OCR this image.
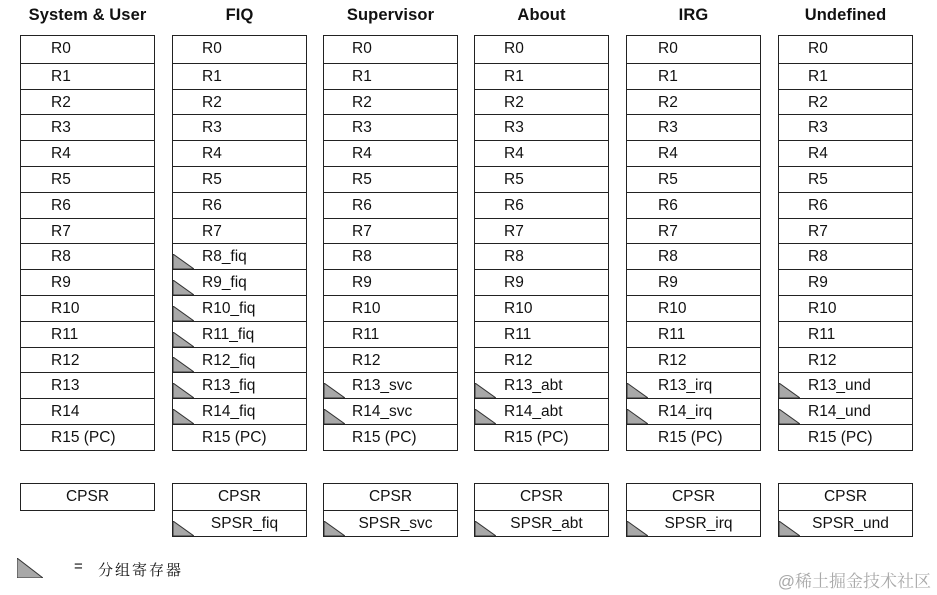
System & User
R0
R1
R2
R3
R4
R5
R6
R7
R8
R9
R10
R11
R12
R13
R14
R15 (PC)
CPSR
FIQ
R0
R1
R2
R3
R4
R5
R6
R7
R8_fiq
R9_fiq
R10_fiq
R11_fiq
R12_fiq
R13_fiq
R14_fiq
R15 (PC)
CPSR
SPSR_fiq
Supervisor
R0
R1
R2
R3
R4
R5
R6
R7
R8
R9
R10
R11
R12
R13_svc
R14_svc
R15 (PC)
CPSR
SPSR_svc
About
R0
R1
R2
R3
R4
R5
R6
R7
R8
R9
R10
R11
R12
R13_abt
R14_abt
R15 (PC)
CPSR
SPSR_abt
IRG
R0
R1
R2
R3
R4
R5
R6
R7
R8
R9
R10
R11
R12
R13_irq
R14_irq
R15 (PC)
CPSR
SPSR_irq
Undefined
R0
R1
R2
R3
R4
R5
R6
R7
R8
R9
R10
R11
R12
R13_und
R14_und
R15 (PC)
CPSR
SPSR_und
= 分组寄存器
@稀土掘金技术社区
